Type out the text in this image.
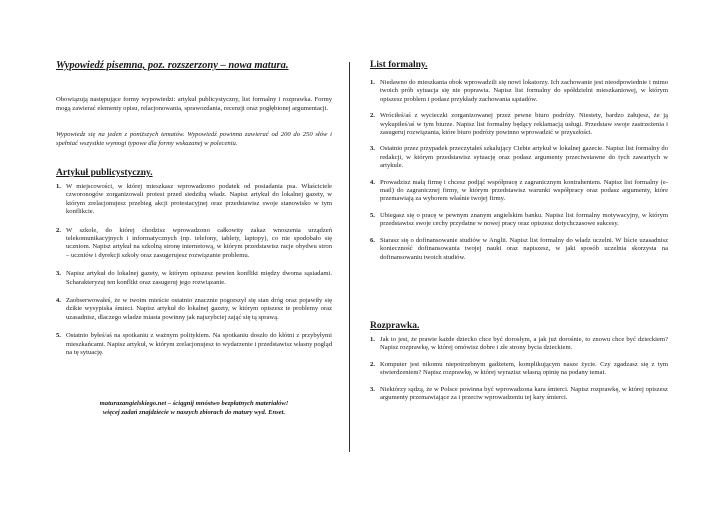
Wypowiedź pisemna, poz. rozszerzony – nowa matura.

Obowiązują następujące formy wypowiedzi: artykuł publicystyczny, list formalny i rozprawka. Formy mogą zawierać elementy opisu, relacjonowania, sprawozdania, recenzji oraz pogłębionej argumentacji.

Wypowiedz się na jeden z poniższych tematów. Wypowiedź powinna zawierać od 200 do 250 słów i spełniać wszystkie wymogi typowe dla formy wskazanej w poleceniu.

Artykuł publicystyczny.
1. W miejscowości, w której mieszkasz wprowadzono podatek od posiadania psa. Właściciele czworonogów zorganizowali protest przed siedzibą władz. Napisz artykuł do lokalnej gazety, w którym zrelacjonujesz przebieg akcji protestacyjnej oraz przedstawisz swoje stanowisko w tym konflikcie.
2. W szkole, do której chodzisz wprowadzono całkowity zakaz wnoszenia urządzeń telekomunikacyjnych i informatycznych (np. telefony, tablety, laptopy), co nie spodobało się uczniom. Napisz artykuł na szkolną stronę internetową, w którym przedstawisz racje obydwu stron – uczniów i dyrekcji szkoły oraz zasugerujesz rozwiązanie problemu.
3. Napisz artykuł do lokalnej gazety, w którym opiszesz pewien konflikt między dwoma sąsiadami. Scharakteryzuj ten konflikt oraz zasugeruj jego rozwiązanie.
4. Zaobserwowałeś, że w twoim mieście ostatnio znacznie pogorszył się stan dróg oraz pojawiły się dzikie wysypiska śmieci. Napisz artykuł do lokalnej gazety, w którym opiszesz te problemy oraz uzasadnisz, dlaczego władze miasta powinny jak najszybciej zająć się tą sprawą.
5. Ostatnio byłeś/aś na spotkaniu z ważnym politykiem. Na spotkaniu doszło do kłótni z przybyłymi mieszkańcami. Napisz artykuł, w którym zrelacjonujesz to wydarzenie i przedstawisz własny pogląd na tę sytuację.
maturazangielskiego.net – ściągnij mnóstwo bezpłatnych materiałów!
więcej zadań znajdziecie w naszych zbiorach do matury wyd. Enset.
List formalny.
1. Niedawno do mieszkania obok wprowadzili się nowi lokatorzy. Ich zachowanie jest nieodpowiednie i mimo twoich prób sytuacja się nie poprawia. Napisz list formalny do spółdzielni mieszkaniowej, w którym opiszesz problem i podasz przykłady zachowania sąsiadów.
2. Wróciłeś/aś z wycieczki zorganizowanej przez pewne biuro podróży. Niestety, bardzo żałujesz, że ją wykupiłeś/aś w tym biurze. Napisz list formalny będący reklamacją usługi. Przedstaw swoje zastrzeżenia i zasugeruj rozwiązania, które biuro podróży powinno wprowadzić w przyszłości.
3. Ostatnio przez przypadek przeczytałeś szkalujący Ciebie artykuł w lokalnej gazecie. Napisz list formalny do redakcji, w którym przedstawisz sytuację oraz podasz argumenty przeciwstawne do tych zawartych w artykule.
4. Prowadzisz małą firmę i chcesz podjąć współpracę z zagranicznym kontrahentem. Napisz list formalny (e-mail) do zagranicznej firmy, w którym przedstawisz warunki współpracy oraz podasz argumenty, które przemawiają za wyborem właśnie twojej firmy.
5. Ubiegasz się o pracę w pewnym znanym angielskim banku. Napisz list formalny motywacyjny, w którym przedstawisz swoje cechy przydatne w nowej pracy oraz opiszesz dotychczasowe sukcesy.
6. Starasz się o dofinansowanie studiów w Anglii. Napisz list formalny do władz uczelni. W liście uzasadnisz konieczność dofinansowania twojej nauki oraz napiszesz, w jaki sposób uczelnia skorzysta na dofinansowaniu twoich studiów.
Rozprawka.
1. Jak to jest, że prawie każde dziecko chce być dorosłym, a jak już dorośnie, to znowu chce być dzieckiem? Napisz rozprawkę, w której omówisz dobre i złe strony bycia dzieckiem.
2. Komputer jest nikomu niepotrzebnym gadżetem, komplikującym nasze życie. Czy zgadzasz się z tym stwierdzeniem? Napisz rozprawkę, w której wyrazisz własną opinię na podany temat.
3. Niektórzy sądzą, że w Polsce powinna być wprowadzona kara śmierci. Napisz rozprawkę, w której opiszesz argumenty przemawiające za i przeciw wprowadzeniu tej kary śmierci.
